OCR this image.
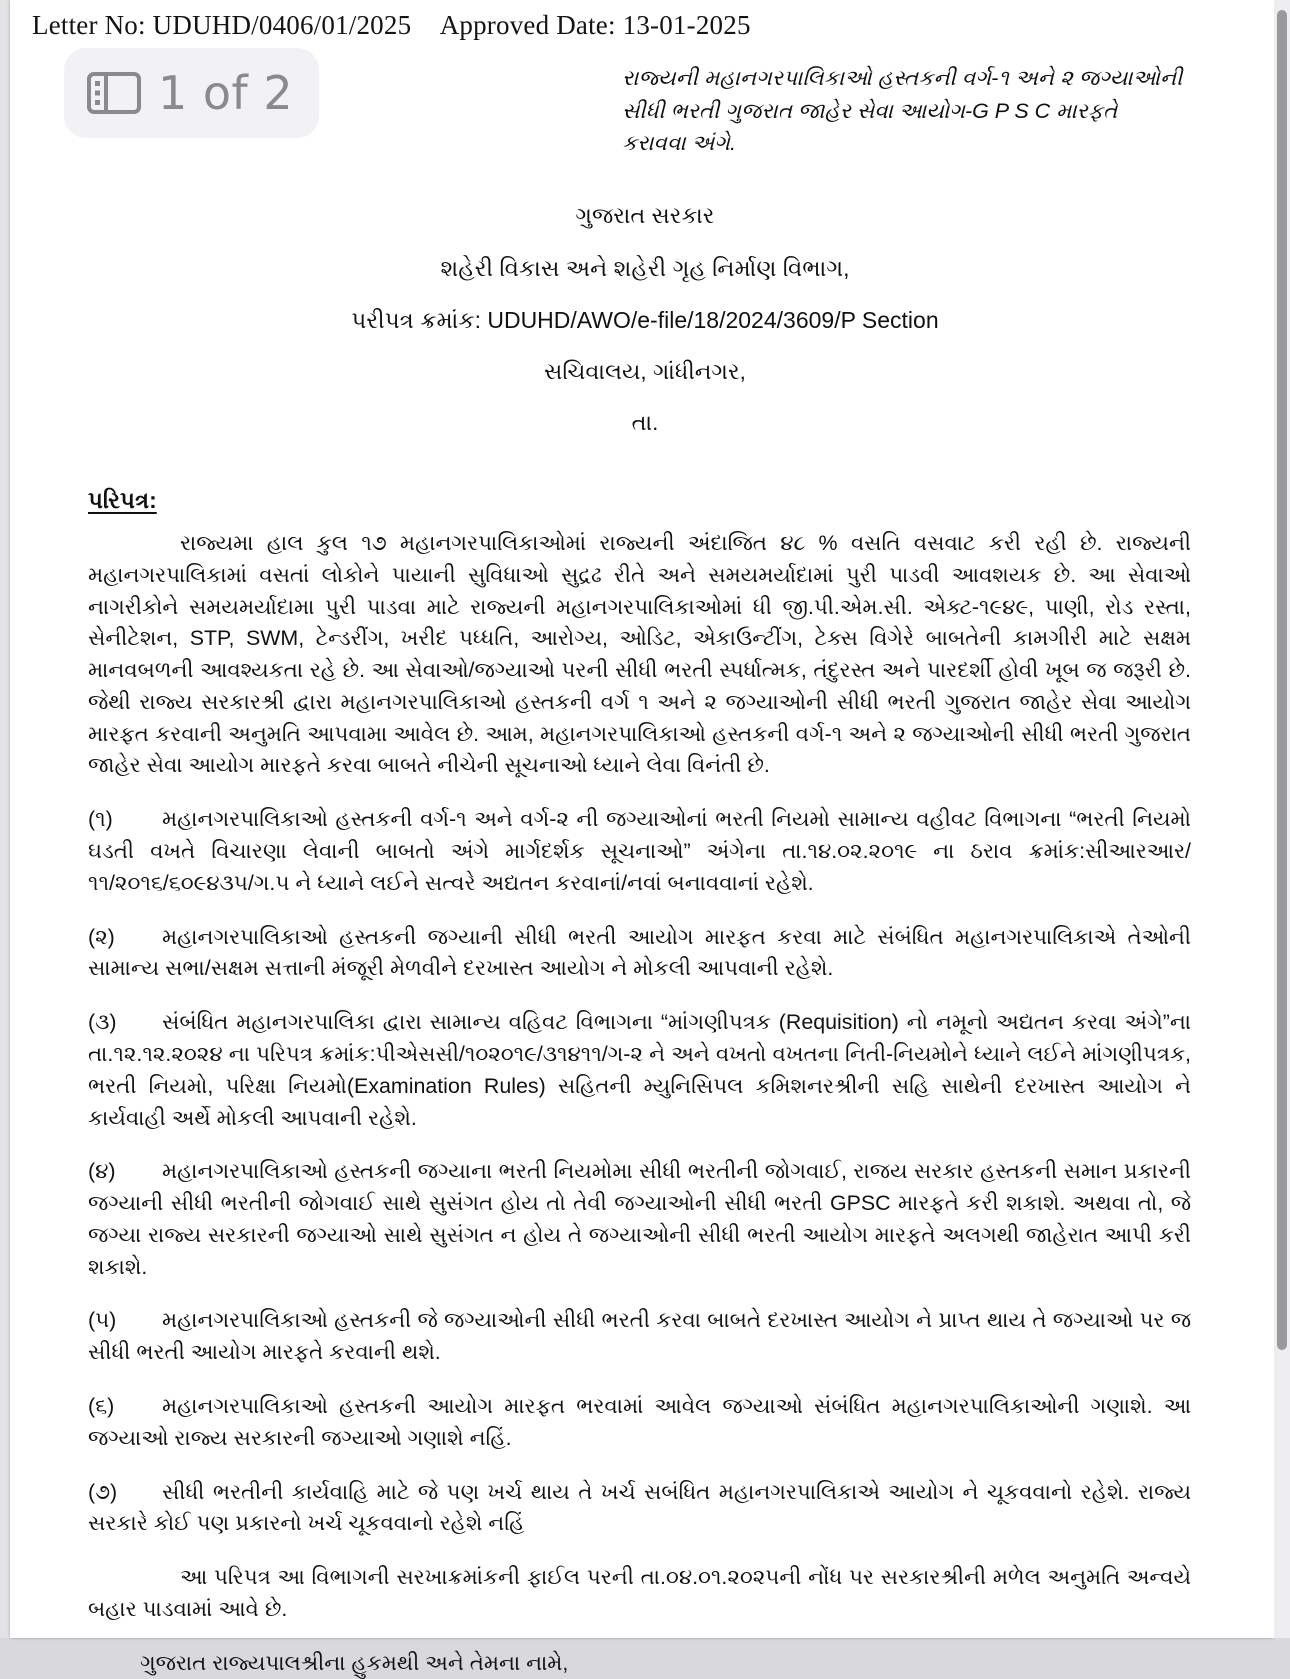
Letter No: UDUHD/0406/01/2025 Approved Date: 13-01-2025
રાજ્યની મહાનગરપાલિકાઓ હસ્તકની વર્ગ-૧ અને ૨ જગ્યાઓની
સીધી ભરતી ગુજરાત જાહેર સેવા આયોગ-G P S C મારફતે
કરાવવા અંગે.
ગુજરાત સરકાર
શહેરી વિકાસ અને શહેરી ગૃહ નિર્માણ વિભાગ,
પરીપત્ર ક્રમાંક: UDUHD/AWO/e-file/18/2024/3609/P Section
સચિવાલય, ગાંધીનગર,
તા.
પરિપત્ર:

રાજ્યમા હાલ કુલ ૧૭ મહાનગરપાલિકાઓમાં રાજ્યની અંદાજિત ૪૮ % વસતિ વસવાટ કરી રહી છે. રાજ્યની મહાનગરપાલિકામાં વસતાં લોકોને પાયાની સુવિધાઓ સુદ્રઢ રીતે અને સમયમર્યાદામાં પુરી પાડવી આવશયક છે. આ સેવાઓ નાગરીકોને સમયમર્યાદામા પુરી પાડવા માટે રાજ્યની મહાનગરપાલિકાઓમાં ધી જી.પી.એમ.સી. એક્ટ-૧૯૪૯, પાણી, રોડ રસ્તા, સેનીટેશન, STP, SWM, ટેન્ડરીંગ, ખરીદ પધ્ધતિ, આરોગ્ય, ઓડિટ, એકાઉન્ટીંગ, ટેક્સ વિગેરે બાબતેની કામગીરી માટે સક્ષમ માનવબળની આવશ્યકતા રહે છે. આ સેવાઓ/જગ્યાઓ પરની સીધી ભરતી સ્પર્ધાત્મક, તંદુરસ્ત અને પારદર્શી હોવી ખૂબ જ જરૂરી છે. જેથી રાજ્ય સરકારશ્રી દ્વારા મહાનગરપાલિકાઓ હસ્તકની વર્ગ ૧ અને ૨ જગ્યાઓની સીધી ભરતી ગુજરાત જાહેર સેવા આયોગ મારફત કરવાની અનુમતિ આપવામા આવેલ છે. આમ, મહાનગરપાલિકાઓ હસ્તકની વર્ગ-૧ અને ૨ જગ્યાઓની સીધી ભરતી ગુજરાત જાહેર સેવા આયોગ મારફતે કરવા બાબતે નીચેની સૂચનાઓ ધ્યાને લેવા વિનંતી છે.

(૧) મહાનગરપાલિકાઓ હસ્તકની વર્ગ-૧ અને વર્ગ-૨ ની જગ્યાઓનાં ભરતી નિયમો સામાન્ય વહીવટ વિભાગના “ભરતી નિયમો ઘડતી વખતે વિચારણા લેવાની બાબતો અંગે માર્ગદર્શક સૂચનાઓ” અંગેના તા.૧૪.૦૨.૨૦૧૯ ના ઠરાવ ક્રમાંક:સીઆરઆર/૧૧/૨૦૧૬/૬૦૯૪૩૫/ગ.૫ ને ધ્યાને લઈને સત્વરે અદ્યતન કરવાનાં/નવાં બનાવવાનાં રહેશે.

(૨) મહાનગરપાલિકાઓ હસ્તકની જગ્યાની સીધી ભરતી આયોગ મારફત કરવા માટે સંબંધિત મહાનગરપાલિકાએ તેઓની સામાન્ય સભા/સક્ષમ સત્તાની મંજૂરી મેળવીને દરખાસ્ત આયોગ ને મોકલી આપવાની રહેશે.

(૩) સંબંધિત મહાનગરપાલિકા દ્વારા સામાન્ય વહિવટ વિભાગના “માંગણીપત્રક (Requisition) નો નમૂનો અદ્યતન કરવા અંગે”ના તા.૧૨.૧૨.૨૦૨૪ ના પરિપત્ર ક્રમાંક:પીએસસી/૧૦૨૦૧૯/૩૧૪૧૧/ગ-૨ ને અને વખતો વખતના નિતી-નિયમોને ધ્યાને લઈને માંગણીપત્રક, ભરતી નિયમો, પરિક્ષા નિયમો(Examination Rules) સહિતની મ્યુનિસિપલ કમિશનરશ્રીની સહિ સાથેની દરખાસ્ત આયોગ ને કાર્યવાહી અર્થે મોકલી આપવાની રહેશે.

(૪) મહાનગરપાલિકાઓ હસ્તકની જગ્યાના ભરતી નિયમોમા સીધી ભરતીની જોગવાઈ, રાજય સરકાર હસ્તકની સમાન પ્રકારની જગ્યાની સીધી ભરતીની જોગવાઈ સાથે સુસંગત હોય તો તેવી જગ્યાઓની સીધી ભરતી GPSC મારફતે કરી શકાશે. અથવા તો, જે જગ્યા રાજ્ય સરકારની જગ્યાઓ સાથે સુસંગત ન હોય તે જગ્યાઓની સીધી ભરતી આયોગ મારફતે અલગથી જાહેરાત આપી કરી શકાશે.

(૫) મહાનગરપાલિકાઓ હસ્તકની જે જગ્યાઓની સીધી ભરતી કરવા બાબતે દરખાસ્ત આયોગ ને પ્રાપ્ત થાય તે જગ્યાઓ પર જ સીધી ભરતી આયોગ મારફતે કરવાની થશે.

(૬) મહાનગરપાલિકાઓ હસ્તકની આયોગ મારફત ભરવામાં આવેલ જગ્યાઓ સંબંધિત મહાનગરપાલિકાઓની ગણાશે. આ જગ્યાઓ રાજ્ય સરકારની જગ્યાઓ ગણાશે નહિં.

(૭) સીધી ભરતીની કાર્યવાહિ માટે જે પણ ખર્ચ થાય તે ખર્ચ સબંધિત મહાનગરપાલિકાએ આયોગ ને ચૂકવવાનો રહેશે. રાજ્ય સરકારે કોઈ પણ પ્રકારનો ખર્ચ ચૂકવવાનો રહેશે નહિં

આ પરિપત્ર આ વિભાગની સરખાક્રમાંકની ફાઈલ પરની તા.૦૪.૦૧.૨૦૨૫ની નોંધ પર સરકારશ્રીની મળેલ અનુમતિ અન્વયે બહાર પાડવામાં આવે છે.

ગુજરાત રાજ્યપાલશ્રીના હુકમથી અને તેમના નામે,

1 of 2
